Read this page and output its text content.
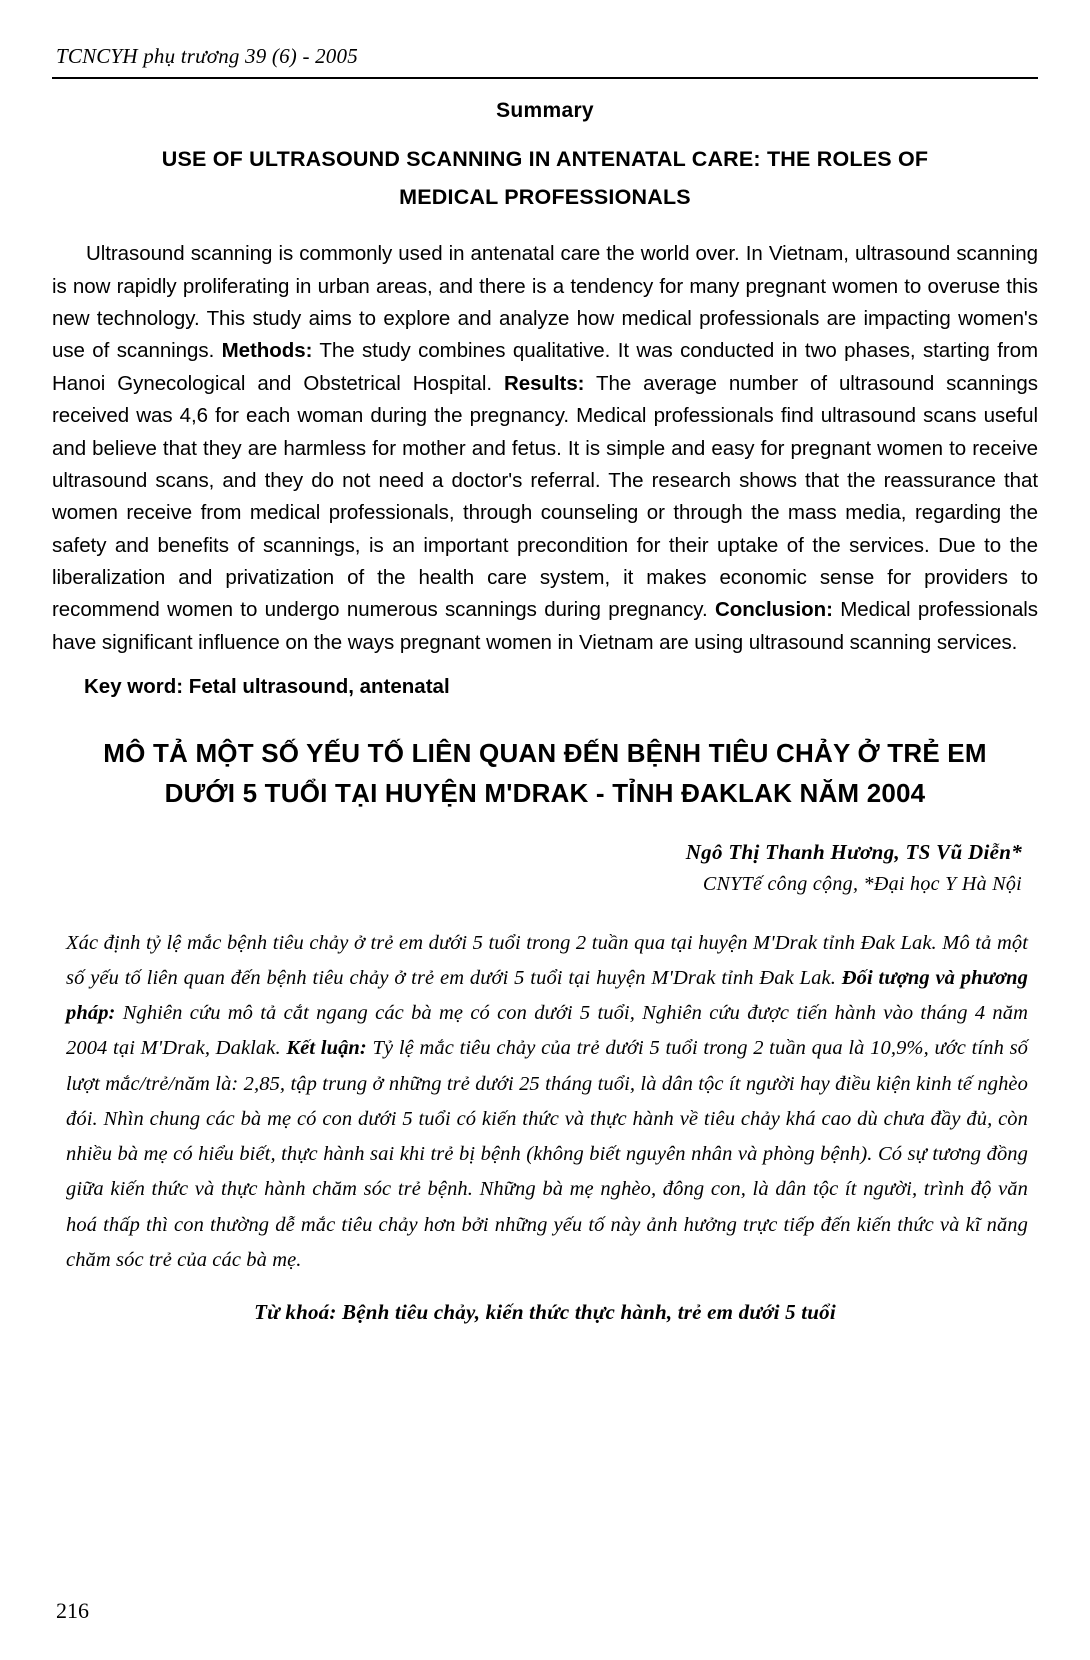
TCNCYH phụ trương 39 (6) - 2005
Summary
USE OF ULTRASOUND SCANNING IN ANTENATAL CARE: THE ROLES OF
MEDICAL PROFESSIONALS

Ultrasound scanning is commonly used in antenatal care the world over. In Vietnam, ultrasound scanning is now rapidly proliferating in urban areas, and there is a tendency for many pregnant women to overuse this new technology. This study aims to explore and analyze how medical professionals are impacting women's use of scannings. Methods: The study combines qualitative. It was conducted in two phases, starting from Hanoi Gynecological and Obstetrical Hospital. Results: The average number of ultrasound scannings received was 4,6 for each woman during the pregnancy. Medical professionals find ultrasound scans useful and believe that they are harmless for mother and fetus. It is simple and easy for pregnant women to receive ultrasound scans, and they do not need a doctor's referral. The research shows that the reassurance that women receive from medical professionals, through counseling or through the mass media, regarding the safety and benefits of scannings, is an important precondition for their uptake of the services. Due to the liberalization and privatization of the health care system, it makes economic sense for providers to recommend women to undergo numerous scannings during pregnancy. Conclusion: Medical professionals have significant influence on the ways pregnant women in Vietnam are using ultrasound scanning services.

Key word: Fetal ultrasound, antenatal
MÔ TẢ MỘT SỐ YẾU TỐ LIÊN QUAN ĐẾN BỆNH TIÊU CHẢY Ở TRẺ EM
DƯỚI 5 TUỔI TẠI HUYỆN M'DRAK - TỈNH ĐAKLAK NĂM 2004
Ngô Thị Thanh Hương, TS Vũ Diễn*
CNYTế công cộng, *Đại học Y Hà Nội

Xác định tỷ lệ mắc bệnh tiêu chảy ở trẻ em dưới 5 tuổi trong 2 tuần qua tại huyện M'Drak tỉnh Đak Lak. Mô tả một số yếu tố liên quan đến bệnh tiêu chảy ở trẻ em dưới 5 tuổi tại huyện M'Drak tỉnh Đak Lak. Đối tượng và phương pháp: Nghiên cứu mô tả cắt ngang các bà mẹ có con dưới 5 tuổi, Nghiên cứu được tiến hành vào tháng 4 năm 2004 tại M'Drak, Daklak. Kết luận: Tỷ lệ mắc tiêu chảy của trẻ dưới 5 tuổi trong 2 tuần qua là 10,9%, ước tính số lượt mắc/trẻ/năm là: 2,85, tập trung ở những trẻ dưới 25 tháng tuổi, là dân tộc ít người hay điều kiện kinh tế nghèo đói. Nhìn chung các bà mẹ có con dưới 5 tuổi có kiến thức và thực hành về tiêu chảy khá cao dù chưa đầy đủ, còn nhiều bà mẹ có hiểu biết, thực hành sai khi trẻ bị bệnh (không biết nguyên nhân và phòng bệnh). Có sự tương đồng giữa kiến thức và thực hành chăm sóc trẻ bệnh. Những bà mẹ nghèo, đông con, là dân tộc ít người, trình độ văn hoá thấp thì con thường dễ mắc tiêu chảy hơn bởi những yếu tố này ảnh hưởng trực tiếp đến kiến thức và kĩ năng chăm sóc trẻ của các bà mẹ.

Từ khoá: Bệnh tiêu chảy, kiến thức thực hành, trẻ em dưới 5 tuổi
216
